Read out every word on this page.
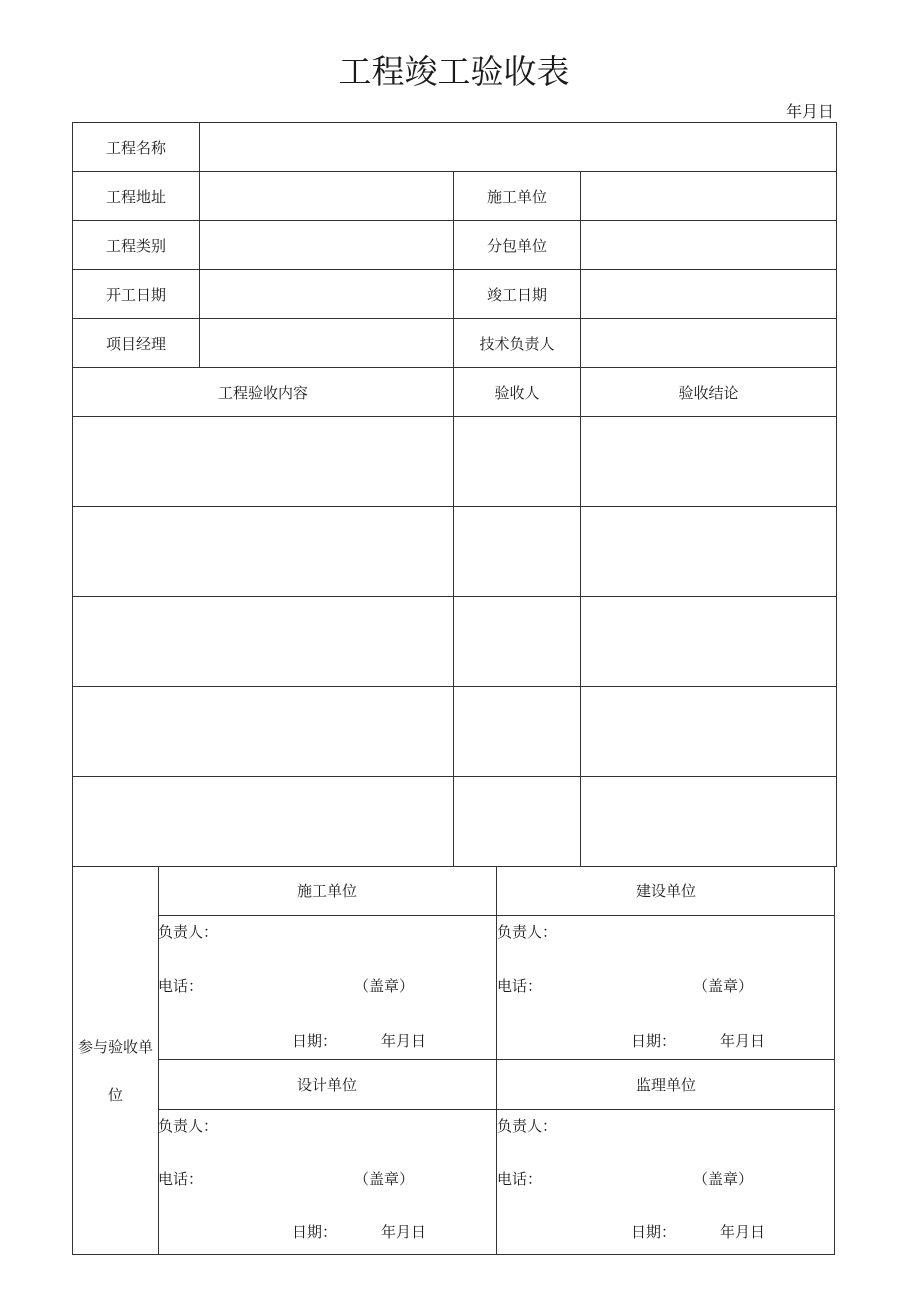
工程竣工验收表
年月日
工程名称			
工程地址		施工单位	
工程类别		分包单位	
开工日期		竣工日期	
项目经理		技术负责人	
工程验收内容		验收人	验收结论

参与验收单
位
施工单位
负责人：
电话：	（盖章）
日期：	年月日
建设单位
负责人：
电话：	（盖章）
日期：	年月日
设计单位
负责人：
电话：	（盖章）
日期：	年月日
监理单位
负责人：
电话：	（盖章）
日期：	年月日
